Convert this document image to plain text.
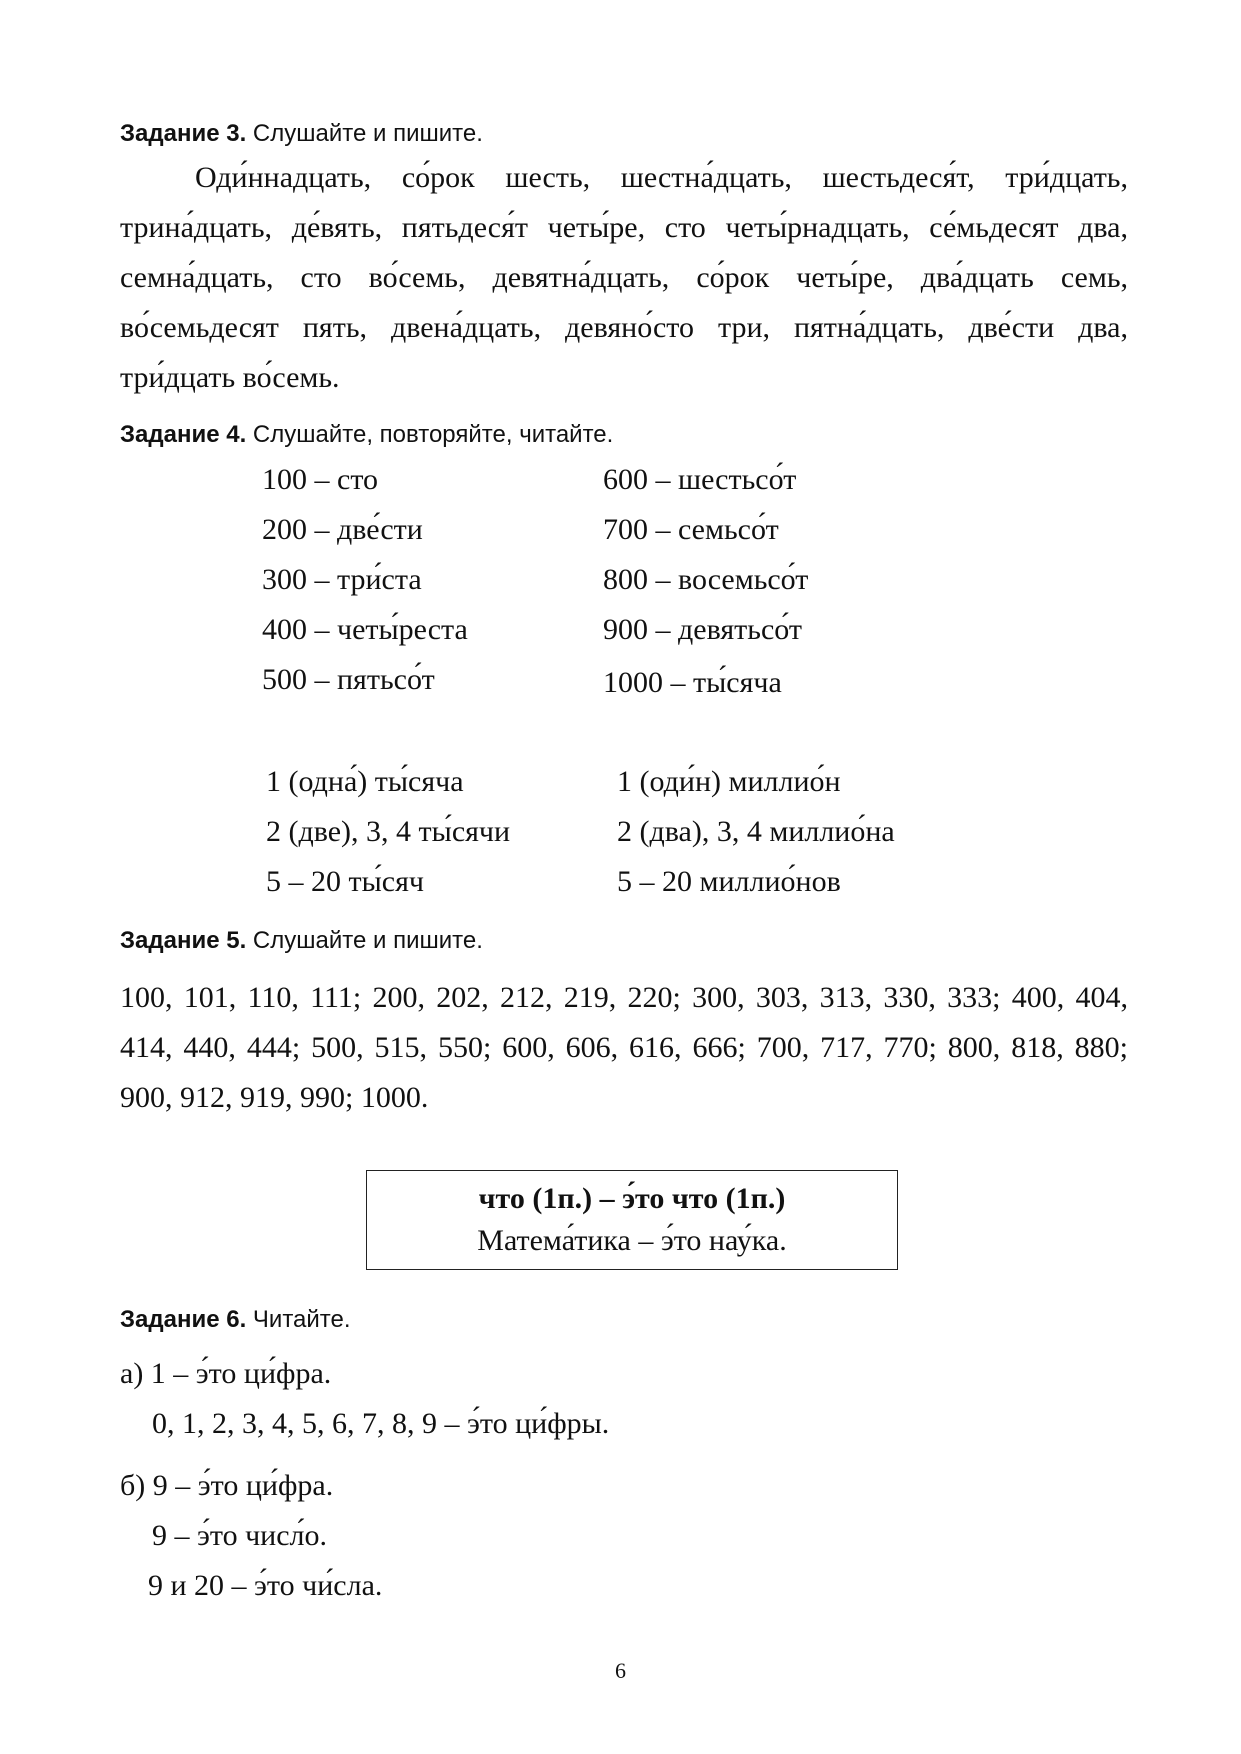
Задание 3. Слушайте и пишите.

Оди́ннадцать, со́рок шесть, шестна́дцать, шестьдеся́т, три́дцать, трина́дцать, де́вять, пятьдеся́т четы́ре, сто четы́рнадцать, се́мьдесят два, семна́дцать, сто во́семь, девятна́дцать, со́рок четы́ре, два́дцать семь, во́семьдесят пять, двена́дцать, девяно́сто три, пятна́дцать, две́сти два, три́дцать во́семь.

Задание 4. Слушайте, повторяйте, читайте.
100 – сто
200 – две́сти
300 – три́ста
400 – четы́реста
500 – пятьсо́т
600 – шестьсо́т
700 – семьсо́т
800 – восемьсо́т
900 – девятьсо́т
1000 – ты́сяча
1 (одна́) ты́сяча
2 (две), 3, 4 ты́сячи
5 – 20 ты́сяч
1 (оди́н) миллио́н
2 (два), 3, 4 миллио́на
5 – 20 миллио́нов
Задание 5. Слушайте и пишите.

100, 101, 110, 111; 200, 202, 212, 219, 220; 300, 303, 313, 330, 333; 400, 404, 414, 440, 444; 500, 515, 550; 600, 606, 616, 666; 700, 717, 770; 800, 818, 880; 900, 912, 919, 990; 1000.

что (1п.) – э́то что (1п.)
Матема́тика – э́то нау́ка.
Задание 6. Читайте.
а) 1 – э́то ци́фра.
0, 1, 2, 3, 4, 5, 6, 7, 8, 9 – э́то ци́фры.
б) 9 – э́то ци́фра.
9 – э́то числ́о.
9 и 20 – э́то чи́сла.
6
